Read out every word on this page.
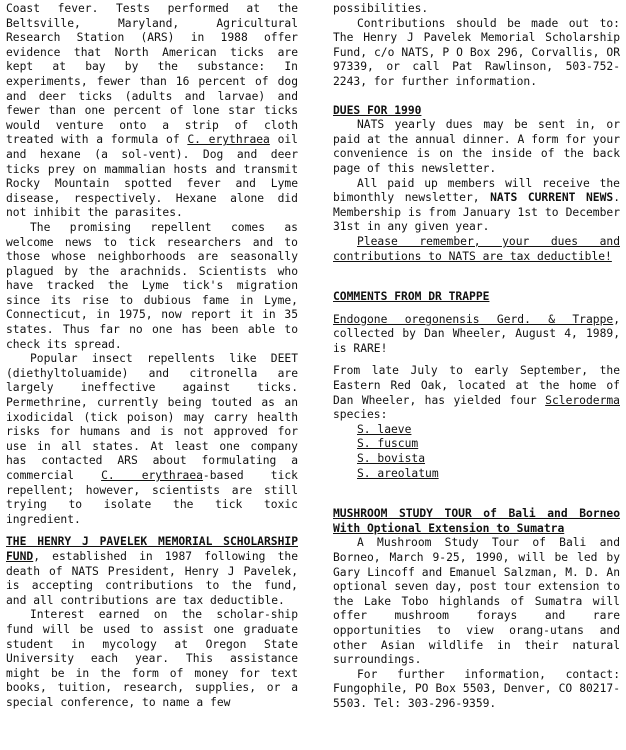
Coast fever. Tests performed at the Beltsville, Maryland, Agricultural Research Station (ARS) in 1988 offer evidence that North American ticks are kept at bay by the substance: In experiments, fewer than 16 percent of dog and deer ticks (adults and larvae) and fewer than one percent of lone star ticks would venture onto a strip of cloth treated with a formula of C. erythraea oil and hexane (a sol-vent). Dog and deer ticks prey on mammalian hosts and transmit Rocky Mountain spotted fever and Lyme disease, respectively. Hexane alone did not inhibit the parasites.

The promising repellent comes as welcome news to tick researchers and to those whose neighborhoods are seasonally plagued by the arachnids. Scientists who have tracked the Lyme tick's migration since its rise to dubious fame in Lyme, Connecticut, in 1975, now report it in 35 states. Thus far no one has been able to check its spread.

Popular insect repellents like DEET (diethyltoluamide) and citronella are largely ineffective against ticks. Permethrine, currently being touted as an ixodicidal (tick poison) may carry health risks for humans and is not approved for use in all states. At least one company has contacted ARS about formulating a commercial C. erythraea-based tick repellent; however, scientists are still trying to isolate the tick toxic ingredient.

THE HENRY J PAVELEK MEMORIAL SCHOLARSHIP FUND, established in 1987 following the death of NATS President, Henry J Pavelek, is accepting contributions to the fund, and all contributions are tax deductible.

Interest earned on the scholar-ship fund will be used to assist one graduate student in mycology at Oregon State University each year. This assistance might be in the form of money for text books, tuition, research, supplies, or a special conference, to name a few

possibilities.

Contributions should be made out to: The Henry J Pavelek Memorial Scholarship Fund, c/o NATS, P O Box 296, Corvallis, OR 97339, or call Pat Rawlinson, 503-752-2243, for further information.

DUES FOR 1990

NATS yearly dues may be sent in, or paid at the annual dinner. A form for your convenience is on the inside of the back page of this newsletter.

All paid up members will receive the bimonthly newsletter, NATS CURRENT NEWS. Membership is from January 1st to December 31st in any given year.

Please remember, your dues and contributions to NATS are tax deductible!

COMMENTS FROM DR TRAPPE

Endogone oregonensis Gerd. & Trappe, collected by Dan Wheeler, August 4, 1989, is RARE!

From late July to early September, the Eastern Red Oak, located at the home of Dan Wheeler, has yielded four Scleroderma species:

S. laeve
S. fuscum
S. bovista
S. areolatum

MUSHROOM STUDY TOUR of Bali and Borneo With Optional Extension to Sumatra

A Mushroom Study Tour of Bali and Borneo, March 9-25, 1990, will be led by Gary Lincoff and Emanuel Salzman, M. D. An optional seven day, post tour extension to the Lake Tobo highlands of Sumatra will offer mushroom forays and rare opportunities to view orang-utans and other Asian wildlife in their natural surroundings.

For further information, contact: Fungophile, PO Box 5503, Denver, CO 80217-5503. Tel: 303-296-9359.
